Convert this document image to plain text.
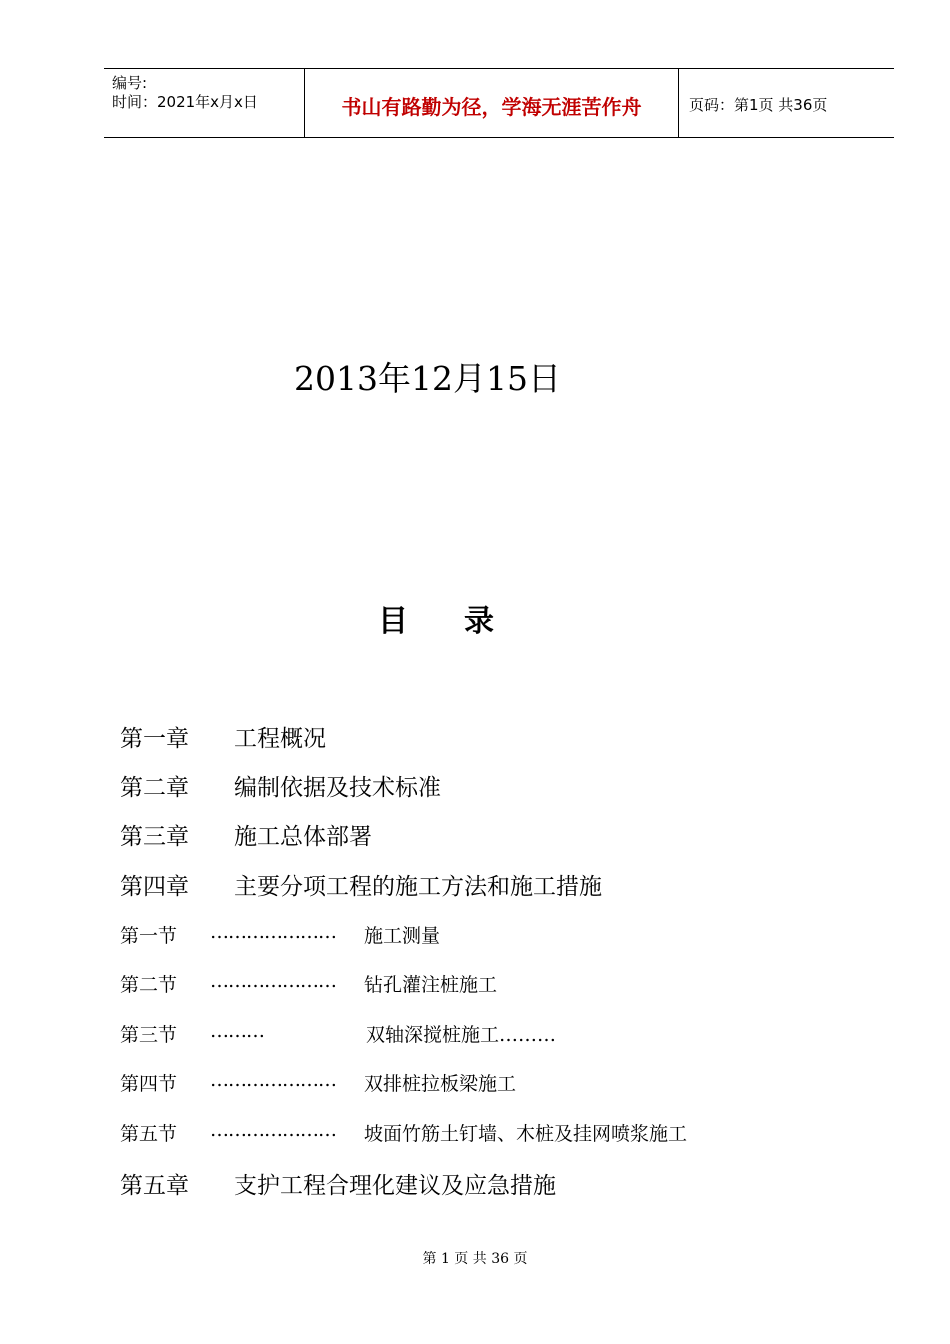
编号:
时间：2021年x月x日	书山有路勤为径，学海无涯苦作舟	页码：第1页 共36页
2013年12月15日
目 录
第一章 工程概况
第二章 编制依据及技术标准
第三章 施工总体部署
第四章 主要分项工程的施工方法和施工措施
第一节 ………………… 施工测量
第二节 ………………… 钻孔灌注桩施工
第三节 ………	双轴深搅桩施工………
第四节 ………………… 双排桩拉板梁施工
第五节 ………………… 坡面竹筋土钉墙、木桩及挂网喷浆施工
第五章 支护工程合理化建议及应急措施
第 1 页 共 36 页
